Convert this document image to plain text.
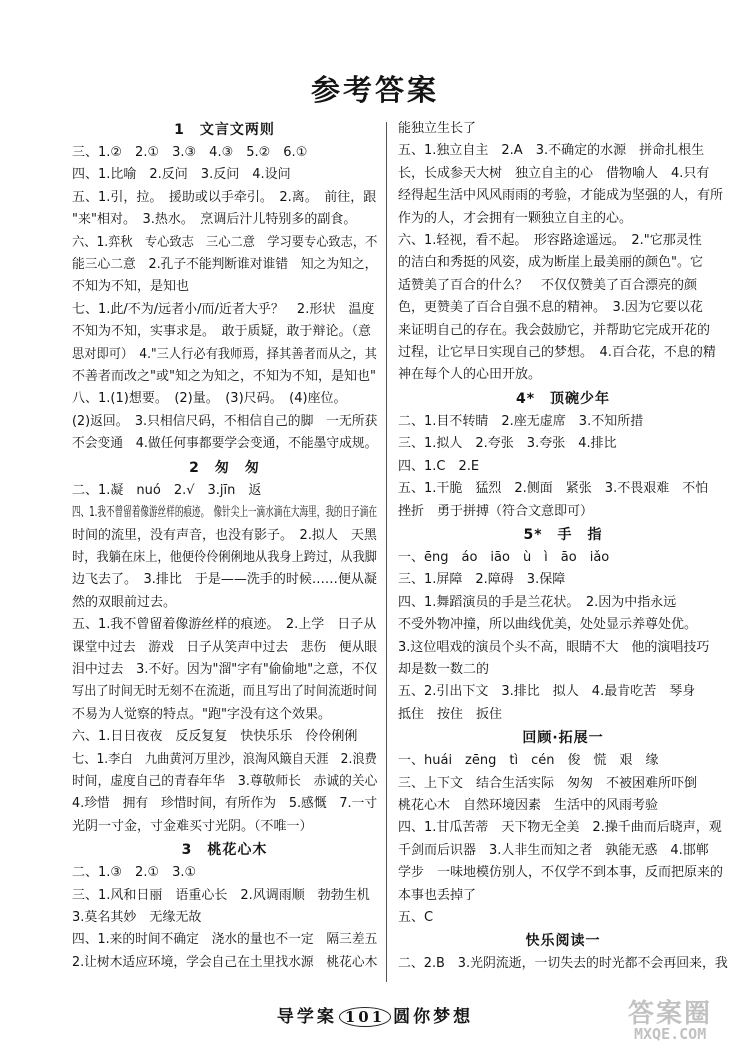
参考答案
1　文言文两则
三、1.②　2.①　3.③　4.③　5.②　6.①
四、1.比喻　2.反问　3.反问　4.设问
五、1.引，拉。　援助或以手牵引。　2.离。　前往，跟
"来"相对。　3.热水。　烹调后汁儿特别多的副食。
六、1.弈秋　专心致志　三心二意　学习要专心致志，不
能三心二意　2.孔子不能判断谁对谁错　知之为知之，
不知为不知，是知也
七、1.此/不为/远者小/而/近者大乎？　2.形状　温度
不知为不知，实事求是。　敢于质疑，敢于辩论。（意
思对即可）　4."三人行必有我师焉，择其善者而从之，其
不善者而改之"或"知之为知之，不知为不知，是知也"
八、1.(1)想要。　(2)量。　(3)尺码。　(4)座位。
(2)返回。　3.只相信尺码，不相信自己的脚　一无所获
不会变通　4.做任何事都要学会变通，不能墨守成规。
2　匆　匆
二、1.凝　nuó　2.√　3.jīn　返
四、1.我不曾留着像游丝样的痕迹。　像针尖上一滴水滴在大海里，我的日子滴在
时间的流里，没有声音，也没有影子。　2.拟人　天黑
时，我躺在床上，他便伶伶俐俐地从我身上跨过，从我脚
边飞去了。　3.排比　于是——洗手的时候……便从凝
然的双眼前过去。
五、1.我不曾留着像游丝样的痕迹。　2.上学　日子从
课堂中过去　游戏　日子从笑声中过去　悲伤　便从眼
泪中过去　3.不好。因为"溜"字有"偷偷地"之意，不仅
写出了时间无时无刻不在流逝，而且写出了时间流逝时间
不易为人觉察的特点。"跑"字没有这个效果。
六、1.日日夜夜　反反复复　快快乐乐　伶伶俐俐
七、1.李白　九曲黄河万里沙，浪淘风簸自天涯　2.浪费
时间，虚度自己的青春年华　3.尊敬师长　赤诚的关心
4.珍惜　拥有　珍惜时间，有所作为　5.感慨　7.一寸
光阴一寸金，寸金难买寸光阴。（不唯一）
3　桃花心木
二、1.③　2.①　3.①
三、1.风和日丽　语重心长　2.风调雨顺　勃勃生机
3.莫名其妙　无缘无故
四、1.来的时间不确定　浇水的量也不一定　隔三差五
2.让树木适应环境，学会自己在土里找水源　桃花心木
能独立生长了
五、1.独立自主　2.A　3.不确定的水源　拼命扎根生
长，长成参天大树　独立自主的心　借物喻人　4.只有
经得起生活中风风雨雨的考验，才能成为坚强的人，有所
作为的人，才会拥有一颗独立自主的心。
六、1.轻视，看不起。　形容路途遥远。　2."它那灵性
的洁白和秀挺的风姿，成为断崖上最美丽的颜色"。它
适赞美了百合的什么？　不仅仅赞美了百合漂亮的颜
色，更赞美了百合自强不息的精神。　3.因为它要以花
来证明自己的存在。我会鼓励它，并帮助它完成开花的
过程，让它早日实现自己的梦想。　4.百合花，不息的精
神在每个人的心田开放。
4*　顶碗少年
二、1.目不转睛　2.座无虚席　3.不知所措
三、1.拟人　2.夸张　3.夸张　4.排比
四、1.C　2.E
五、1.干脆　猛烈　2.侧面　紧张　3.不畏艰难　不怕
挫折　勇于拼搏（符合文意即可）
5*　手　指
一、ēng　áo　iāo　ù　ì　āo　iǎo
三、1.屏障　2.障碍　3.保障
四、1.舞蹈演员的手是兰花状。　2.因为中指永远
不受外物冲撞，所以曲线优美，处处显示养尊处优。
3.这位唱戏的演员个头不高，眼睛不大　他的演唱技巧
却是数一数二的
五、2.引出下文　3.排比　拟人　4.最肯吃苦　琴身
抵住　按住　扳住
回顾·拓展一
一、huái　zēng　tì　cén　俊　慌　艰　缘
三、上下文　结合生活实际　匆匆　不被困难所吓倒
桃花心木　自然环境因素　生活中的风雨考验
四、1.甘瓜苦蒂　天下物无全美　2.操千曲而后晓声，观
千剑而后识器　3.人非生而知之者　孰能无惑　4.邯郸
学步　一味地模仿别人，不仅学不到本事，反而把原来的
本事也丢掉了
五、C
快乐阅读一
二、2.B　3.光阴流逝，一切失去的时光都不会再回来，我
导学案 101 圆你梦想	答案圈
MXQE.COM
